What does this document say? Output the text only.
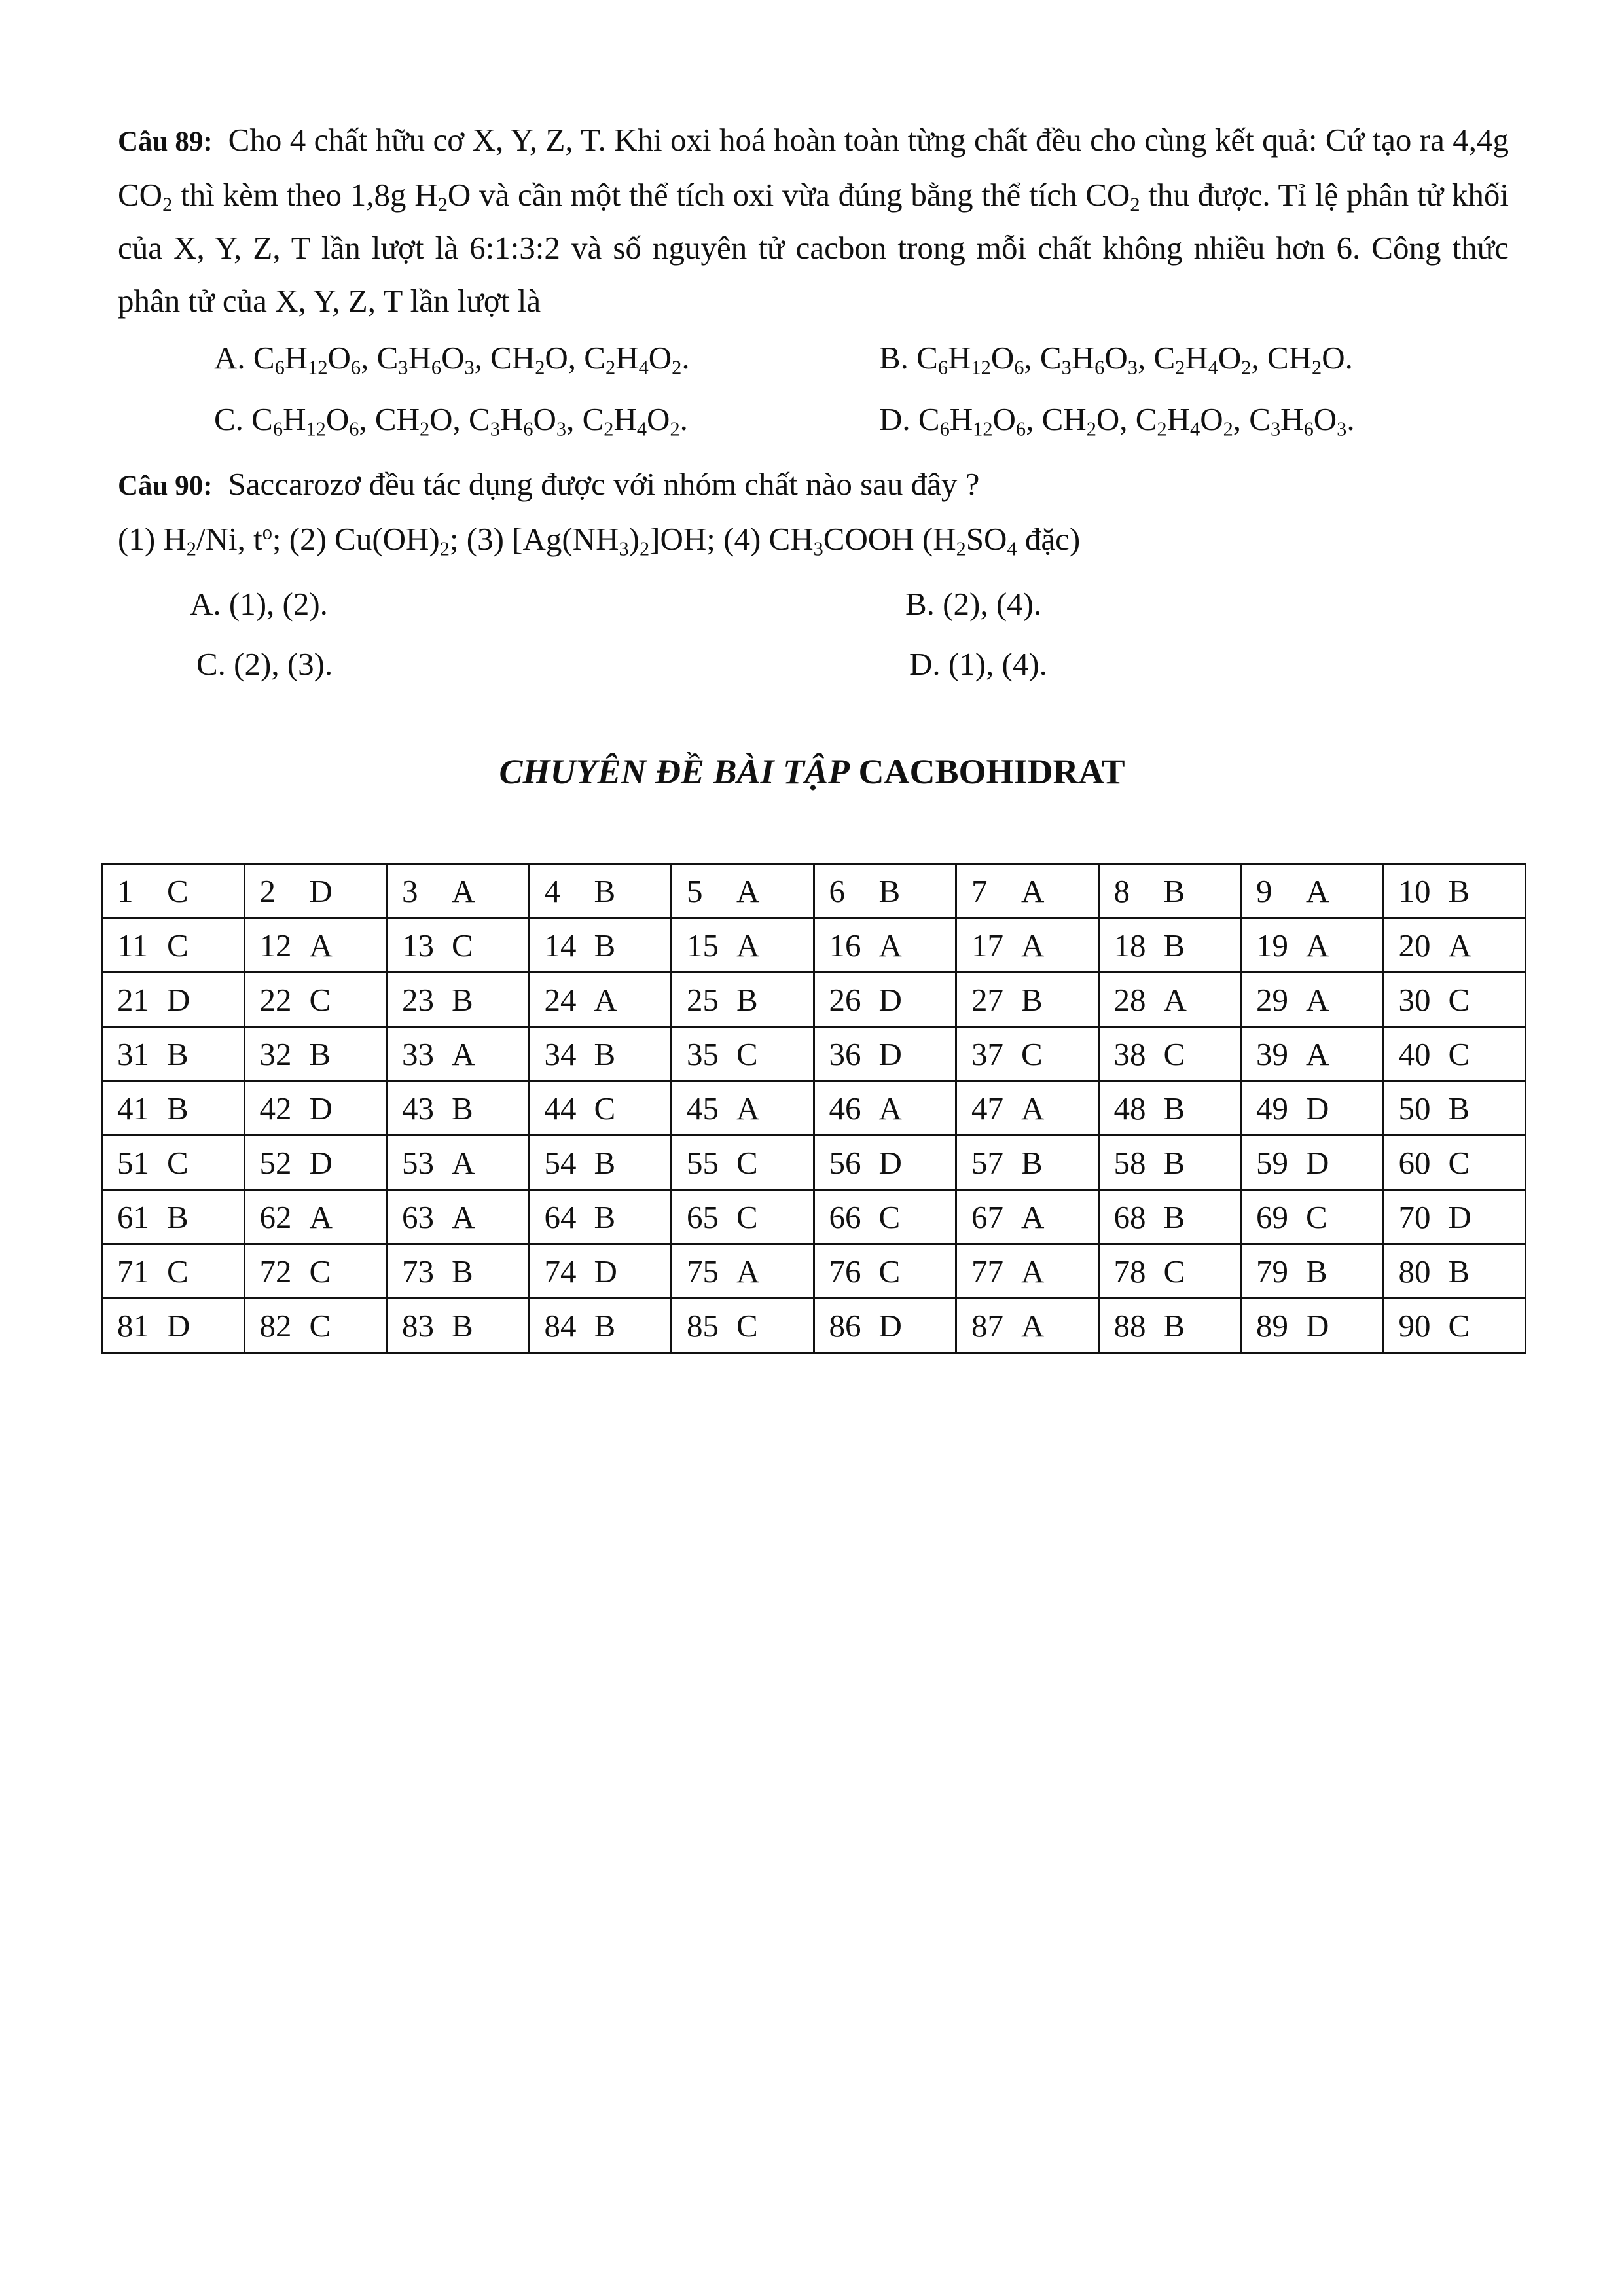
Câu 89: Cho 4 chất hữu cơ X, Y, Z, T. Khi oxi hoá hoàn toàn từng chất đều cho cùng kết quả: Cứ tạo ra 4,4g $CO_2$ thì kèm theo 1,8g $H_2O$ và cần một thể tích oxi vừa đúng bằng thể tích $CO_2$ thu được. Tỉ lệ phân tử khối của X, Y, Z, T lần lượt là 6:1:3:2 và số nguyên tử cacbon trong mỗi chất không nhiều hơn 6. Công thức phân tử của X, Y, Z, T lần lượt là

A. $C_6H_{12}O_6$, $C_3H_6O_3$, $CH_2O$, $C_2H_4O_2$.	B. $C_6H_{12}O_6$, $C_3H_6O_3$, $C_2H_4O_2$, $CH_2O$.
C. $C_6H_{12}O_6$, $CH_2O$, $C_3H_6O_3$, $C_2H_4O_2$.	D. $C_6H_{12}O_6$, $CH_2O$, $C_2H_4O_2$, $C_3H_6O_3$.

Câu 90: Saccarozơ đều tác dụng được với nhóm chất nào sau đây ?

(1) $H_2/Ni$, $t^o$; (2) $Cu(OH)_2$; (3) $[Ag(NH_3)_2]OH$; (4) $CH_3COOH$ ($H_2SO_4$ đặc)

A. (1), (2).	B. (2), (4).
C. (2), (3).	D. (1), (4).
CHUYÊN ĐỀ BÀI TẬP CACBOHIDRAT
1 C	2 D	3 A	4 B	5 A	6 B	7 A	8 B	9 A	10 B
11 C	12 A	13 C	14 B	15 A	16 A	17 A	18 B	19 A	20 A
21 D	22 C	23 B	24 A	25 B	26 D	27 B	28 A	29 A	30 C
31 B	32 B	33 A	34 B	35 C	36 D	37 C	38 C	39 A	40 C
41 B	42 D	43 B	44 C	45 A	46 A	47 A	48 B	49 D	50 B
51 C	52 D	53 A	54 B	55 C	56 D	57 B	58 B	59 D	60 C
61 B	62 A	63 A	64 B	65 C	66 C	67 A	68 B	69 C	70 D
71 C	72 C	73 B	74 D	75 A	76 C	77 A	78 C	79 B	80 B
81 D	82 C	83 B	84 B	85 C	86 D	87 A	88 B	89 D	90 C
